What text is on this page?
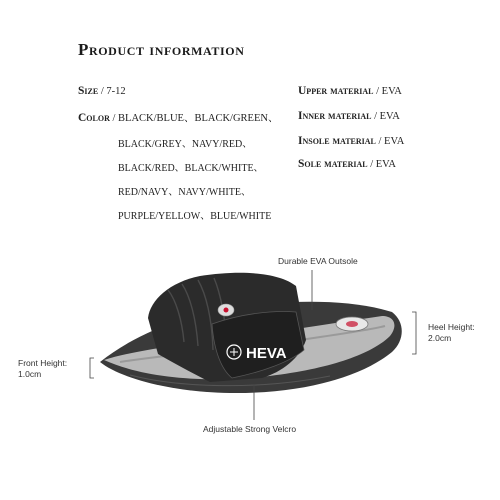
Product information
Size / 7-12
Color / BLACK/BLUE、BLACK/GREEN、
BLACK/GREY、NAVY/RED、
BLACK/RED、BLACK/WHITE、
RED/NAVY、NAVY/WHITE、
PURPLE/YELLOW、BLUE/WHITE
Upper material / EVA
Inner material / EVA
Insole material / EVA
Sole material / EVA
HEVA
Durable EVA Outsole
Heel Height:
2.0cm
Front Height:
1.0cm
Adjustable Strong Velcro
